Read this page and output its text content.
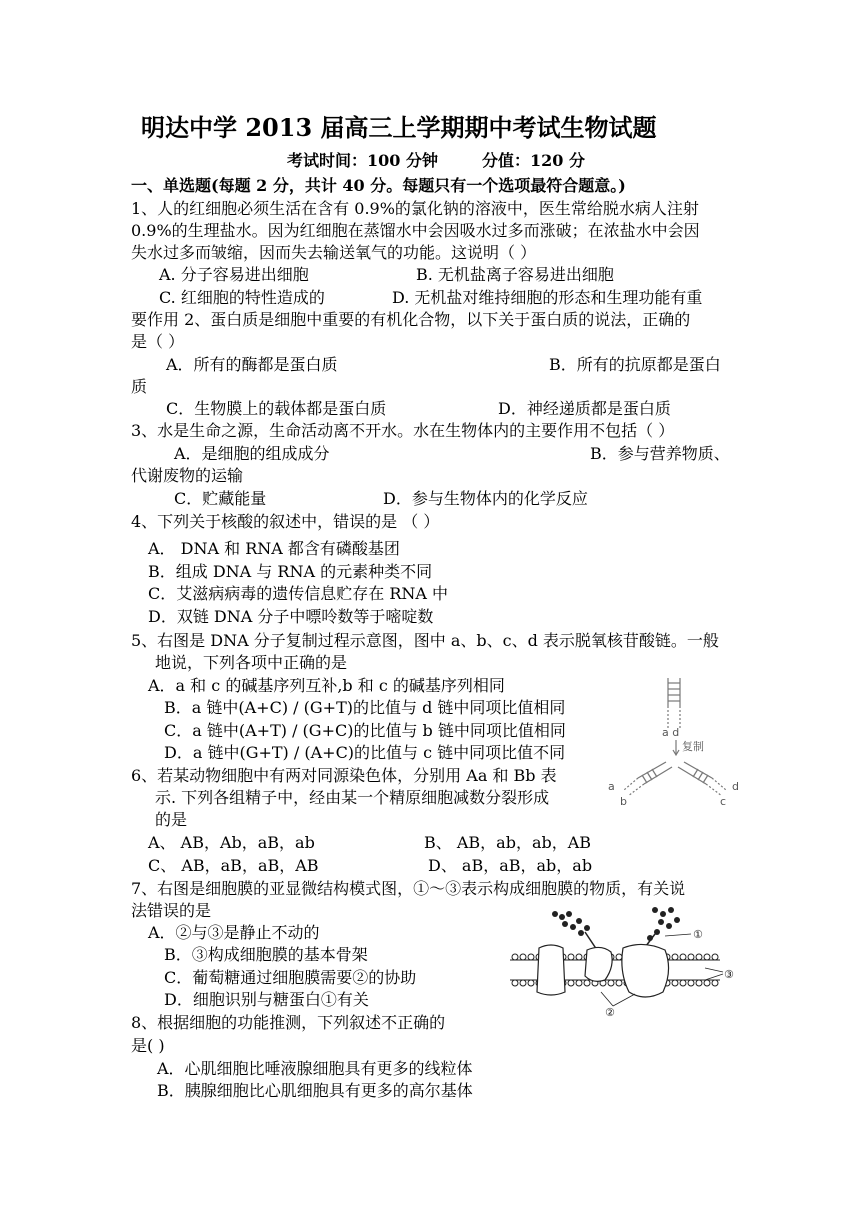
明达中学 2013 届高三上学期期中考试生物试题
考试时间：100 分钟	分值：120 分
一、单选题(每题 2 分，共计 40 分。每题只有一个选项最符合题意。)
1、人的红细胞必须生活在含有 0.9%的氯化钠的溶液中，医生常给脱水病人注射
0.9%的生理盐水。因为红细胞在蒸馏水中会因吸水过多而涨破；在浓盐水中会因
失水过多而皱缩，因而失去输送氧气的功能。这说明（ ）
A. 分子容易进出细胞	B. 无机盐离子容易进出细胞
C. 红细胞的特性造成的	D. 无机盐对维持细胞的形态和生理功能有重
要作用 2、蛋白质是细胞中重要的有机化合物，以下关于蛋白质的说法，正确的
是（ ）
A．所有的酶都是蛋白质	B．所有的抗原都是蛋白
质
C．生物膜上的载体都是蛋白质	D．神经递质都是蛋白质
3、水是生命之源，生命活动离不开水。水在生物体内的主要作用不包括（ ）
A．是细胞的组成成分	B．参与营养物质、
代谢废物的运输
C．贮藏能量	D．参与生物体内的化学反应
4、下列关于核酸的叙述中，错误的是 （ ）
A． DNA 和 RNA 都含有磷酸基团
B．组成 DNA 与 RNA 的元素种类不同
C．艾滋病病毒的遗传信息贮存在 RNA 中
D．双链 DNA 分子中嘌呤数等于嘧啶数
5、右图是 DNA 分子复制过程示意图，图中 a、b、c、d 表示脱氧核苷酸链。一般
地说，下列各项中正确的是
A．a 和 c 的碱基序列互补,b 和 c 的碱基序列相同
B．a 链中(A+C) / (G+T)的比值与 d 链中同项比值相同
C．a 链中(A+T) / (G+C)的比值与 b 链中同项比值相同
D．a 链中(G+T) / (A+C)的比值与 c 链中同项比值不同
6、若某动物细胞中有两对同源染色体，分别用 Aa 和 Bb 表
示. 下列各组精子中，经由某一个精原细胞减数分裂形成
的是
A、 AB，Ab，aB，ab	B、 AB，ab，ab，AB
C、 AB，aB，aB，AB	D、 aB，aB，ab，ab
7、右图是细胞膜的亚显微结构模式图，①～③表示构成细胞膜的物质，有关说
法错误的是
A．②与③是静止不动的
B．③构成细胞膜的基本骨架
C．葡萄糖通过细胞膜需要②的协助
D．细胞识别与糖蛋白①有关
8、根据细胞的功能推测，下列叙述不正确的
是( )
A．心肌细胞比唾液腺细胞具有更多的线粒体
B．胰腺细胞比心肌细胞具有更多的高尔基体
a d
复制
a
b	c
d
①
③
②
